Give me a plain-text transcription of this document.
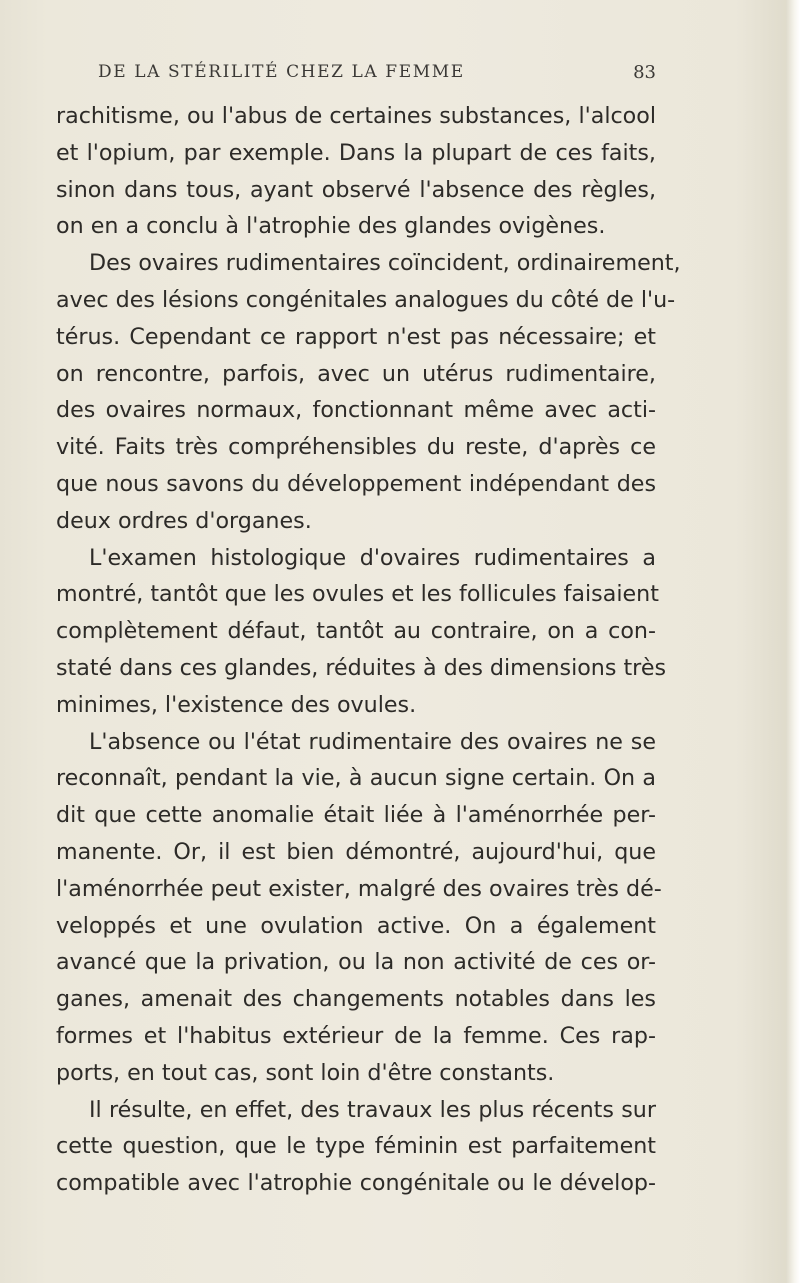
DE LA STÉRILITÉ CHEZ LA FEMME	83
rachitisme, ou l'abus de certaines substances, l'alcool
et l'opium, par exemple. Dans la plupart de ces faits,
sinon dans tous, ayant observé l'absence des règles,
on en a conclu à l'atrophie des glandes ovigènes.
Des ovaires rudimentaires coïncident, ordinairement,
avec des lésions congénitales analogues du côté de l'u-
térus. Cependant ce rapport n'est pas nécessaire; et
on rencontre, parfois, avec un utérus rudimentaire,
des ovaires normaux, fonctionnant même avec acti-
vité. Faits très compréhensibles du reste, d'après ce
que nous savons du développement indépendant des
deux ordres d'organes.
L'examen histologique d'ovaires rudimentaires a
montré, tantôt que les ovules et les follicules faisaient
complètement défaut, tantôt au contraire, on a con-
staté dans ces glandes, réduites à des dimensions très
minimes, l'existence des ovules.
L'absence ou l'état rudimentaire des ovaires ne se
reconnaît, pendant la vie, à aucun signe certain. On a
dit que cette anomalie était liée à l'aménorrhée per-
manente. Or, il est bien démontré, aujourd'hui, que
l'aménorrhée peut exister, malgré des ovaires très dé-
veloppés et une ovulation active. On a également
avancé que la privation, ou la non activité de ces or-
ganes, amenait des changements notables dans les
formes et l'habitus extérieur de la femme. Ces rap-
ports, en tout cas, sont loin d'être constants.
Il résulte, en effet, des travaux les plus récents sur
cette question, que le type féminin est parfaitement
compatible avec l'atrophie congénitale ou le dévelop-
